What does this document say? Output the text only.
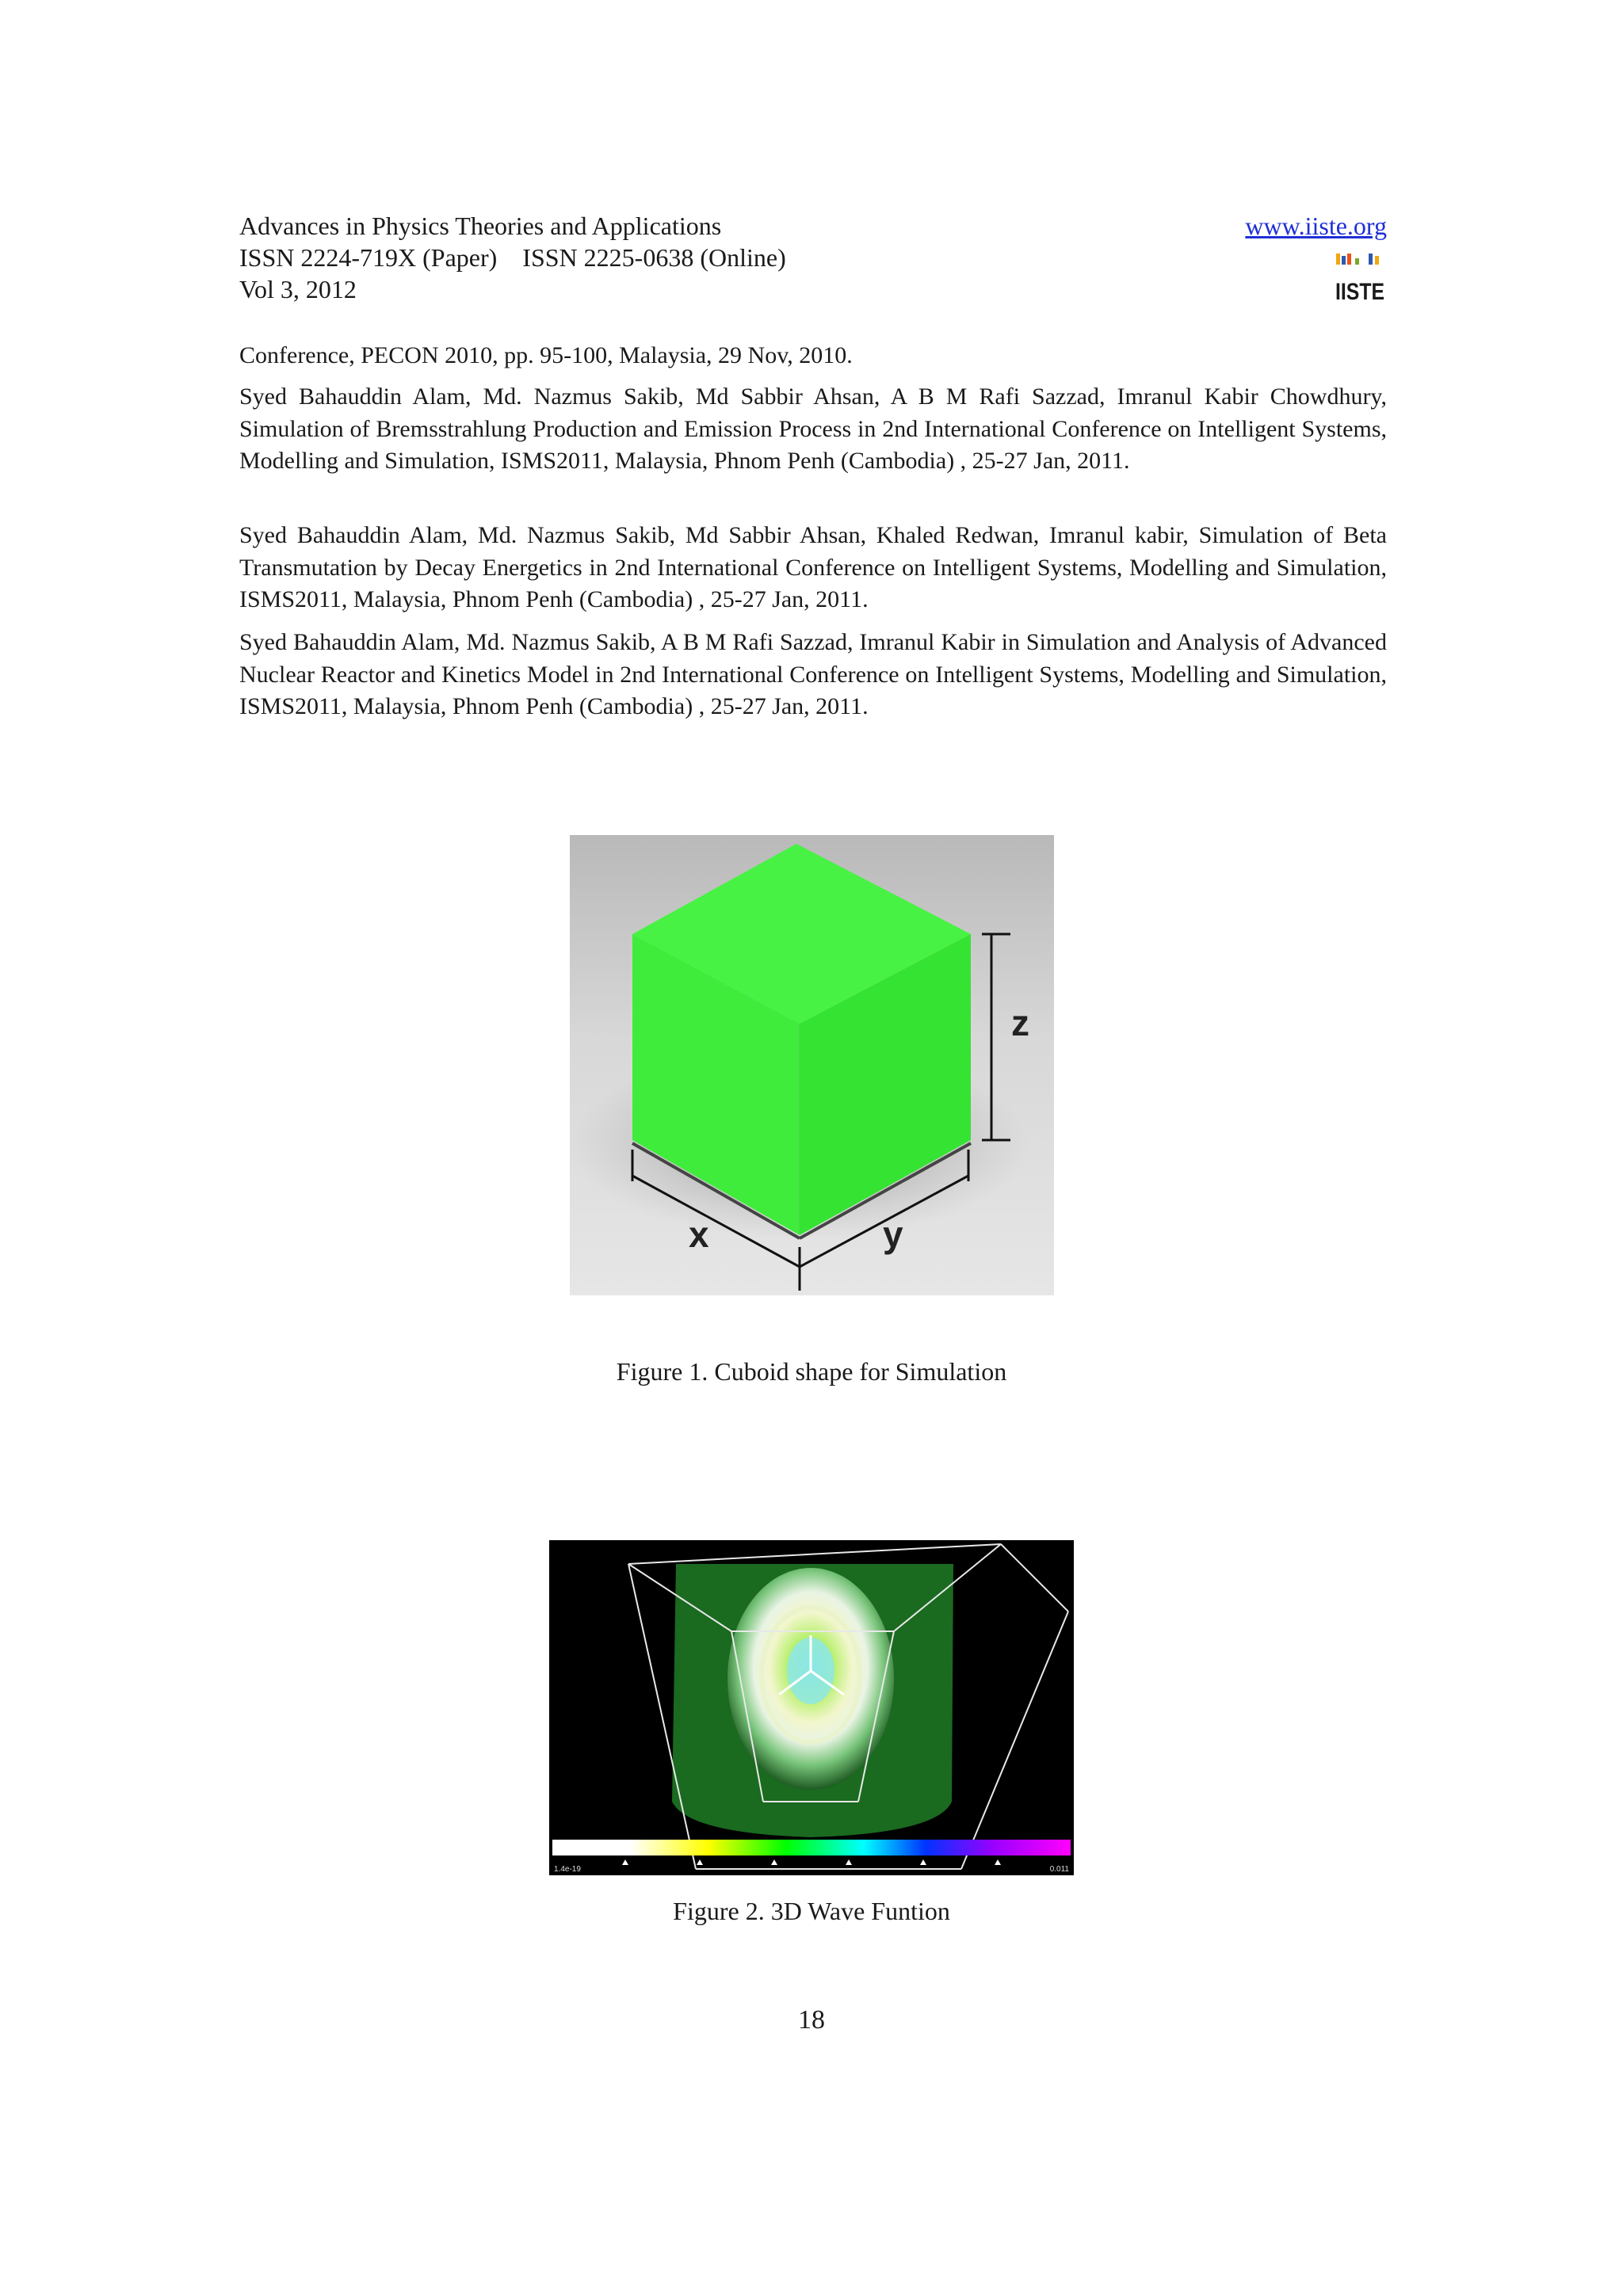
Advances in Physics Theories and Applications
ISSN 2224-719X (Paper)    ISSN 2225-0638 (Online)
Vol 3, 2012
www.iiste.org
IISTE
Conference, PECON 2010, pp. 95-100, Malaysia, 29 Nov, 2010.
Syed Bahauddin Alam, Md. Nazmus Sakib, Md Sabbir Ahsan, A B M Rafi Sazzad, Imranul Kabir Chowdhury, Simulation of Bremsstrahlung Production and Emission Process in 2nd International Conference on Intelligent Systems, Modelling and Simulation, ISMS2011, Malaysia, Phnom Penh (Cambodia) , 25-27 Jan, 2011.
Syed Bahauddin Alam, Md. Nazmus Sakib, Md Sabbir Ahsan, Khaled Redwan, Imranul kabir, Simulation of Beta Transmutation by Decay Energetics in 2nd International Conference on Intelligent Systems, Modelling and Simulation, ISMS2011, Malaysia, Phnom Penh (Cambodia) , 25-27 Jan, 2011.
Syed Bahauddin Alam, Md. Nazmus Sakib, A B M Rafi Sazzad, Imranul Kabir in Simulation and Analysis of Advanced Nuclear Reactor and Kinetics Model in 2nd International Conference on Intelligent Systems, Modelling and Simulation, ISMS2011, Malaysia, Phnom Penh (Cambodia) , 25-27 Jan, 2011.
z
x	y
Figure 1. Cuboid shape for Simulation
1.4e-19	0.011
Figure 2. 3D Wave Funtion
18
